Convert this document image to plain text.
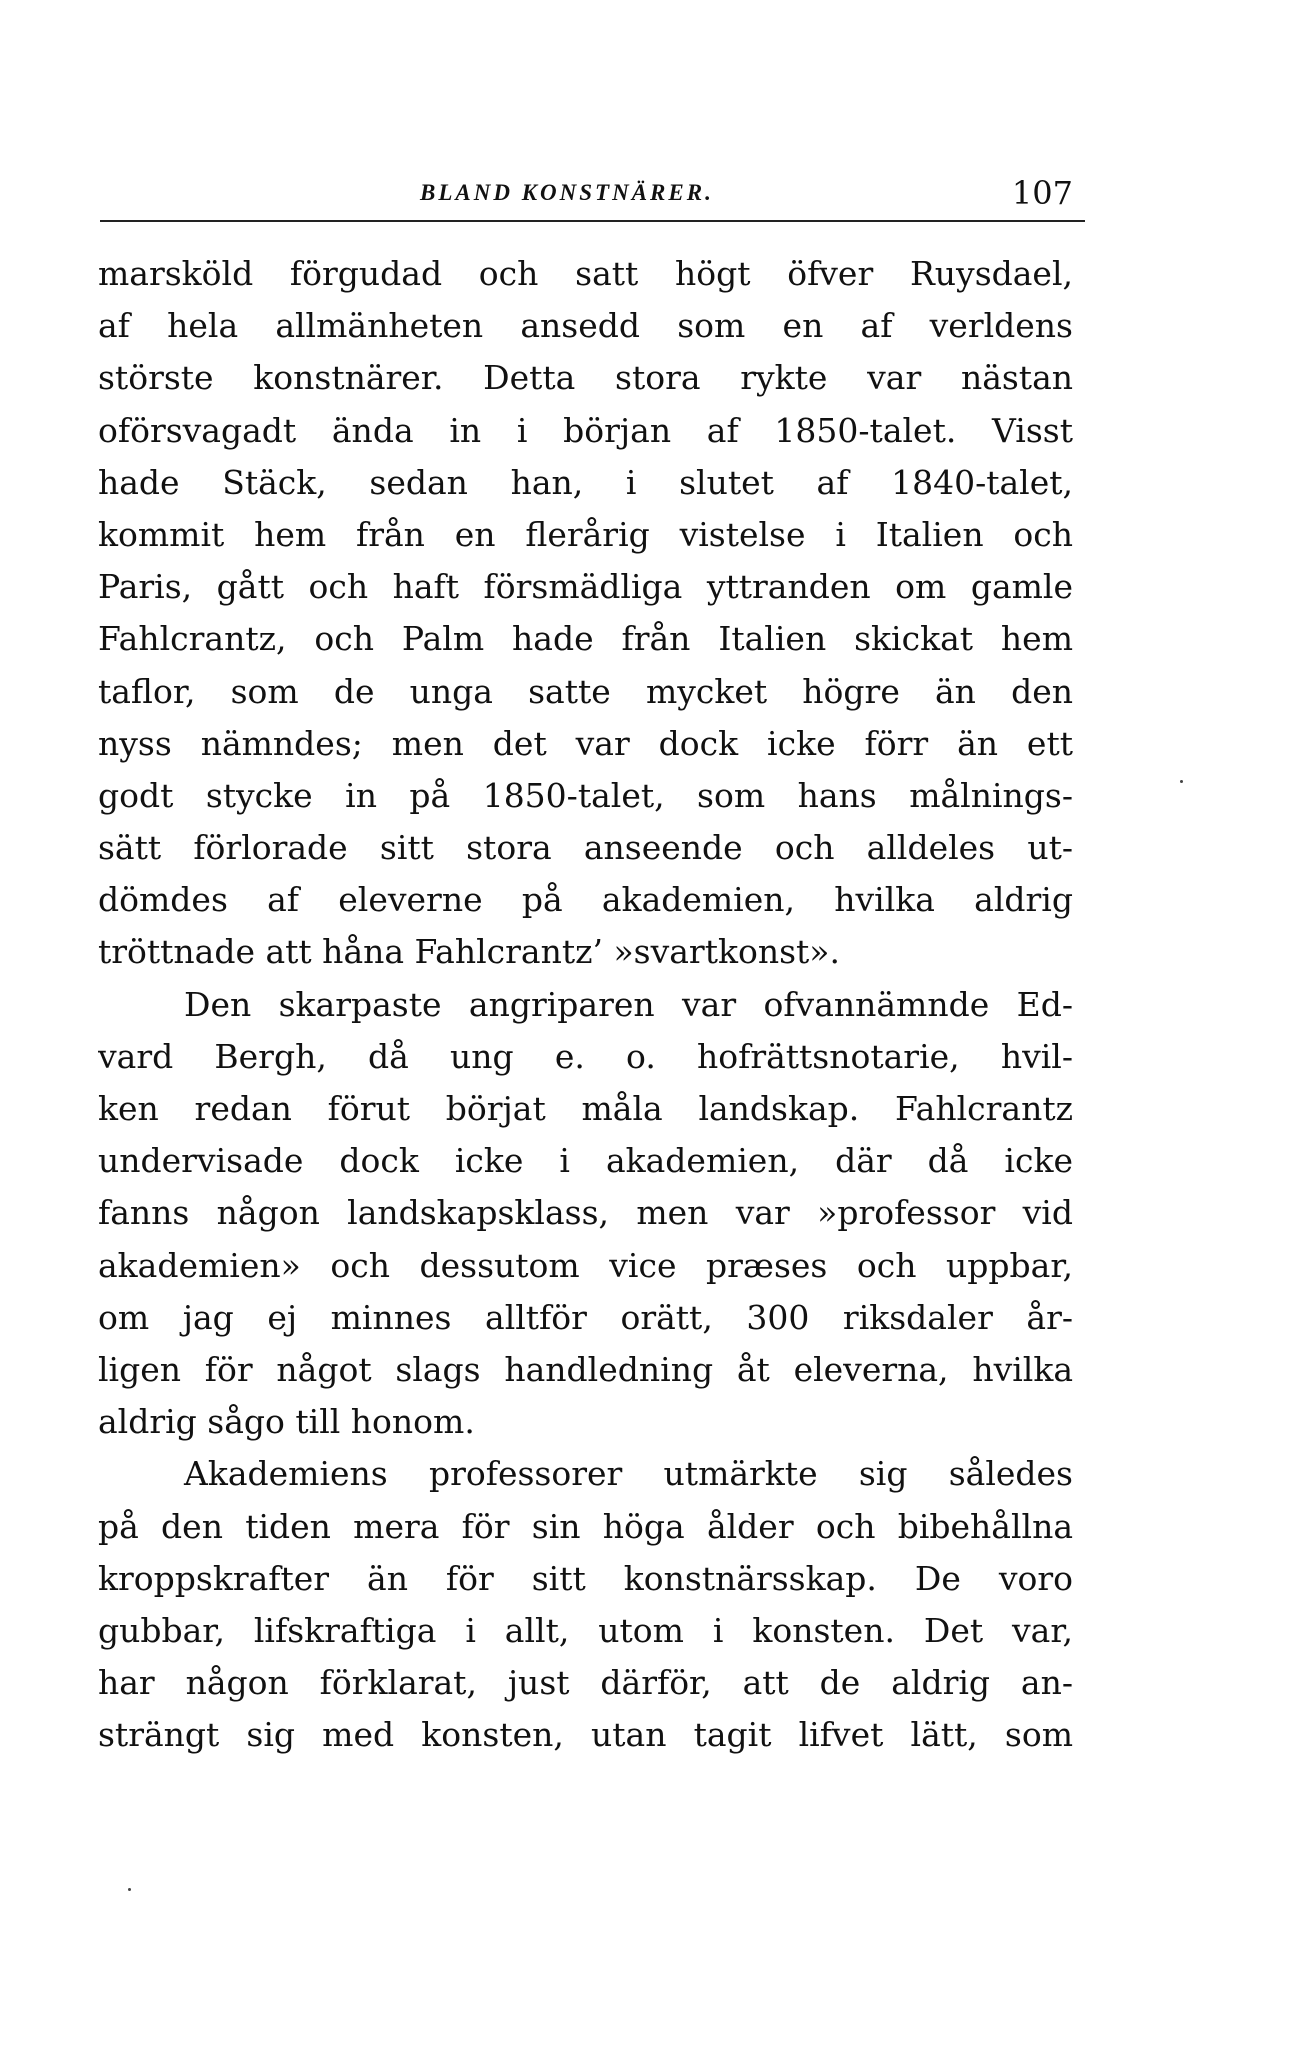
BLAND KONSTNÄRER.	107
marsköld förgudad och satt högt öfver Ruysdael,
af hela allmänheten ansedd som en af verldens
störste konstnärer. Detta stora rykte var nästan
oförsvagadt ända in i början af 1850-talet. Visst
hade Stäck, sedan han, i slutet af 1840-talet,
kommit hem från en flerårig vistelse i Italien och
Paris, gått och haft försmädliga yttranden om gamle
Fahlcrantz, och Palm hade från Italien skickat hem
taflor, som de unga satte mycket högre än den
nyss nämndes; men det var dock icke förr än ett
godt stycke in på 1850-talet, som hans målnings-
sätt förlorade sitt stora anseende och alldeles ut-
dömdes af eleverne på akademien, hvilka aldrig
tröttnade att håna Fahlcrantz’ »svartkonst».
Den skarpaste angriparen var ofvannämnde Ed-
vard Bergh, då ung e. o. hofrättsnotarie, hvil-
ken redan förut börjat måla landskap. Fahlcrantz
undervisade dock icke i akademien, där då icke
fanns någon landskapsklass, men var »professor vid
akademien» och dessutom vice præses och uppbar,
om jag ej minnes alltför orätt, 300 riksdaler år-
ligen för något slags handledning åt eleverna, hvilka
aldrig sågo till honom.
Akademiens professorer utmärkte sig således
på den tiden mera för sin höga ålder och bibehållna
kroppskrafter än för sitt konstnärsskap. De voro
gubbar, lifskraftiga i allt, utom i konsten. Det var,
har någon förklarat, just därför, att de aldrig an-
strängt sig med konsten, utan tagit lifvet lätt, som
